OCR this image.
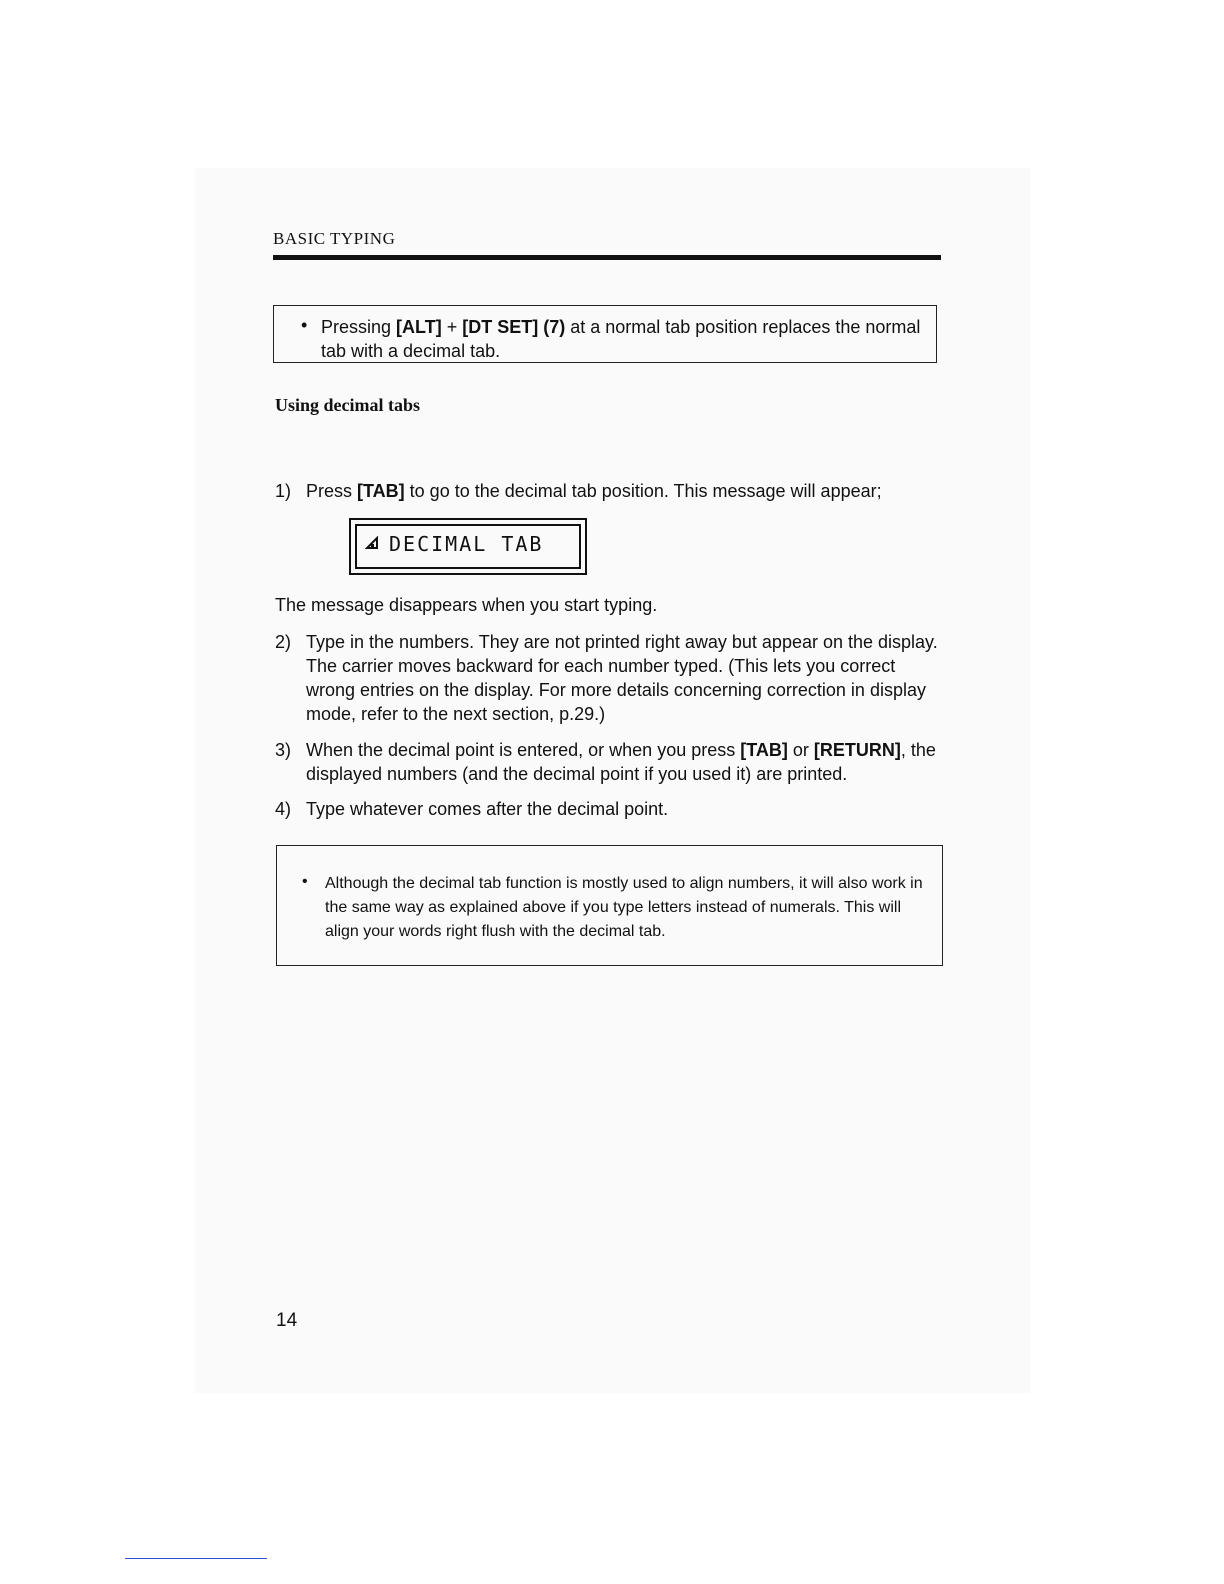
BASIC TYPING
• Pressing [ALT] + [DT SET] (7) at a normal tab position replaces the normal tab with a decimal tab.
Using decimal tabs
1) Press [TAB] to go to the decimal tab position. This message will appear;
DECIMAL TAB
The message disappears when you start typing.
2) Type in the numbers. They are not printed right away but appear on the display. The carrier moves backward for each number typed. (This lets you correct wrong entries on the display. For more details concerning correction in display mode, refer to the next section, p.29.)
3) When the decimal point is entered, or when you press [TAB] or [RETURN], the displayed numbers (and the decimal point if you used it) are printed.
4) Type whatever comes after the decimal point.
• Although the decimal tab function is mostly used to align numbers, it will also work in the same way as explained above if you type letters instead of numerals. This will align your words right flush with the decimal tab.
14
